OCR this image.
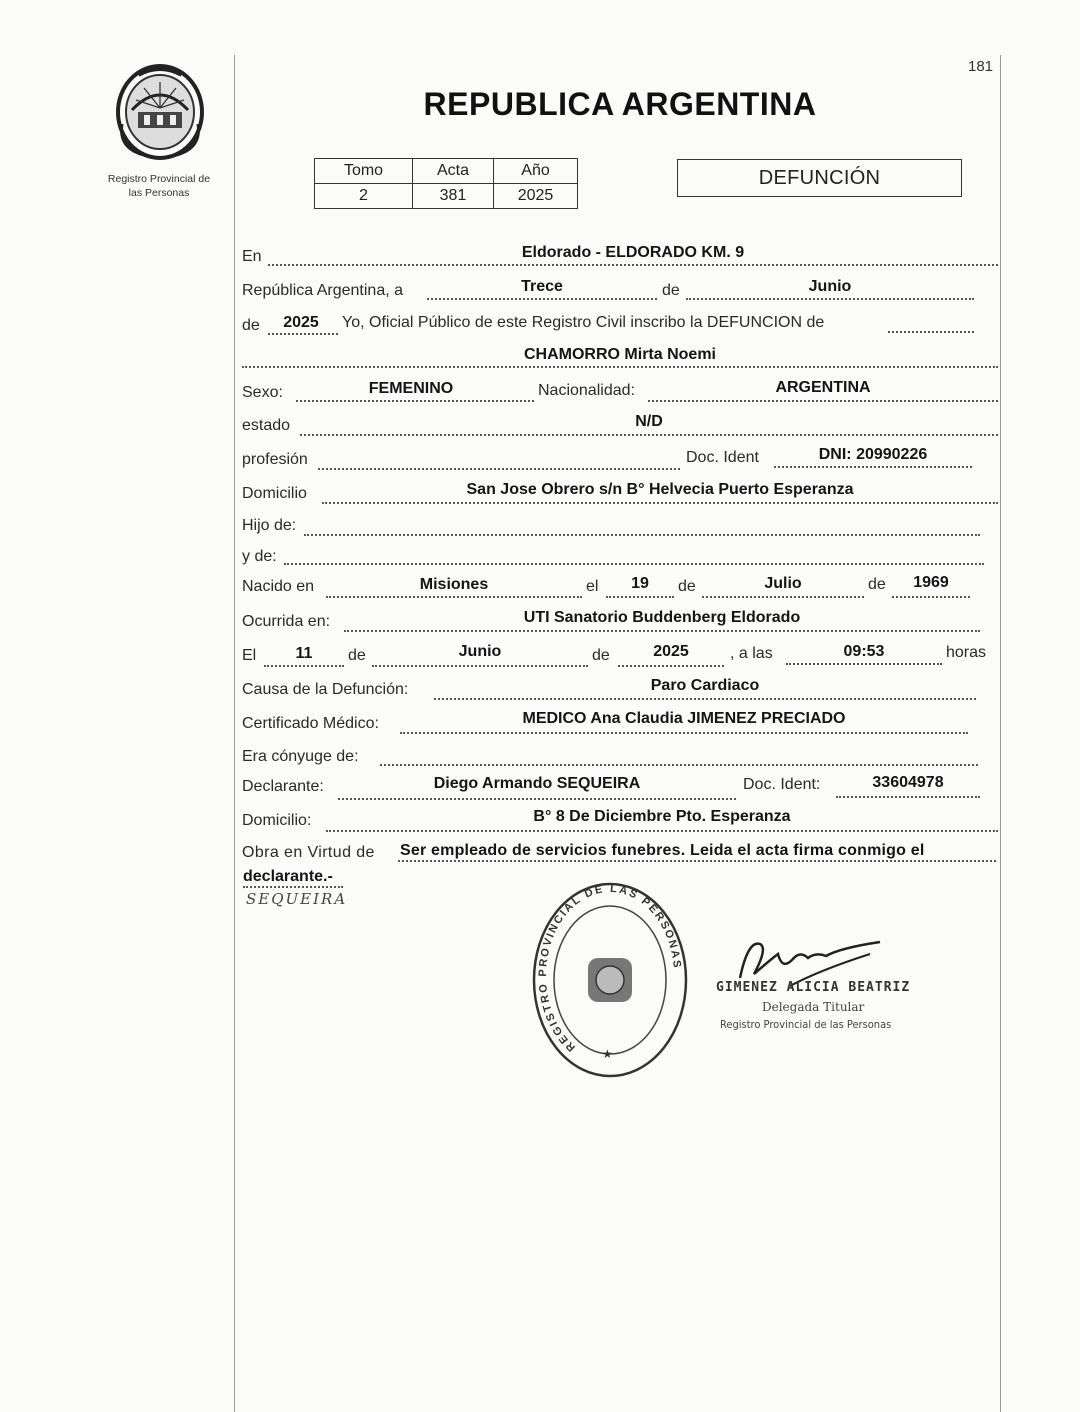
181
REPUBLICA ARGENTINA
Registro Provincial de
las Personas
Tomo	Acta	Año
2	381	2025
DEFUNCIÓN
En	Eldorado - ELDORADO KM. 9
República Argentina, a	Trece	de	Junio
de	2025	Yo, Oficial Público de este Registro Civil inscribo la DEFUNCION de
CHAMORRO Mirta Noemi
Sexo:	FEMENINO	Nacionalidad:	ARGENTINA
estado	N/D
profesión	Doc. Ident	DNI: 20990226
Domicilio	San Jose Obrero s/n B° Helvecia Puerto Esperanza
Hijo de:
y de:
Nacido en	Misiones	el	19	de	Julio	de	1969
Ocurrida en:	UTI Sanatorio Buddenberg Eldorado
El	11	de	Junio	de	2025	, a las	09:53	horas
Causa de la Defunción:	Paro Cardiaco
Certificado Médico:	MEDICO Ana Claudia JIMENEZ PRECIADO
Era cónyuge de:
Declarante:	Diego Armando SEQUEIRA	Doc. Ident:	33604978
Domicilio:	B° 8 De Diciembre Pto. Esperanza
Obra en Virtud de Ser empleado de servicios funebres. Leida el acta firma conmigo el
declarante.-
SEQUEIRA
REGISTRO PROVINCIAL DE LAS PERSONAS
★
GIMENEZ ALICIA BEATRIZ
Delegada Titular
Registro Provincial de las Personas
